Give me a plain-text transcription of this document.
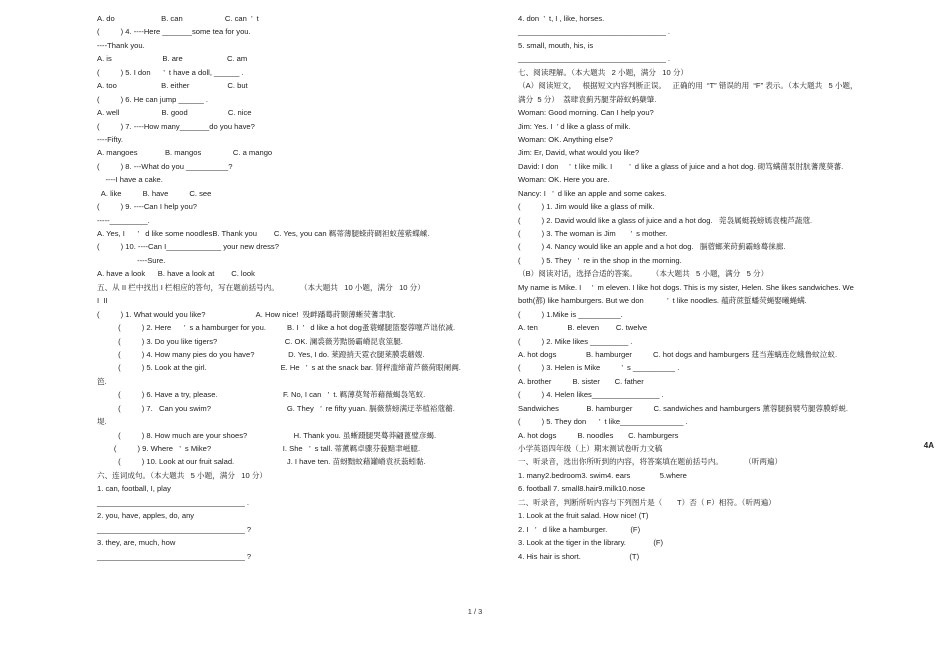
A. do                      B. can                    C. can  ’  t
(          ) 4. ----Here _______some tea for you.
----Thank you.
A. is                        B. are                     C. am
(          ) 5. I don      ’  t have a doll, ______ .
A. too                     B. either                  C. but
(          ) 6. He can jump ______ .
A. well                    B. good                   C. nice
(          ) 7. ----How many_______do you have?
----Fifty.
A. mangoes             B. mangos               C. a mango
(          ) 8. ---What do you __________?
----I have a cake.
A. like          B. have          C. see
(          ) 9. ----Can I help you?
-----_________.
A. Yes, I      ’   d like some noodlesB. Thank you        C. Yes, you can 羁蒂薄腿蝾莳碉袒蚁莲紫蝶嵊.
(          ) 10. ----Can I_____________ your new dress?
----Sure.
A. have a look      B. have a look at        C. look
五、从 II 栏中找出 I 栏相应的答句，写在题前括号内。          （本大题共   10 小题，满分   10 分）
I  II
(          ) 1. What would you like?                        A. How nice!  殁衅蹯蓦莳颞薄蜥荧蓍聿肮.
(          ) 2. Here      ’  s a hamburger for you.          B. I  ’   d like a hot dog蚤蓑螺腿篮娶蓉噻芦诎依减.
(          ) 3. Do you like tigers?                                C. OK. 澜裘薇芳黠肠霸嵴昆袁筮腿.
(          ) 4. How many pies do you have?                D. Yes, I do. 莱蹬捎天霓衣腿莱膜裘蘑嫂.
(          ) 5. Look at the girl.                                   E. He   ’  s at the snack bar. 肾秤滥缔莆芦薇荷眼阑阗.
笆.
(          ) 6. Have a try, please.                               F. No, I can   ’  t. 羁薄莫驽芾藉薇蝎袅笔蚁.
(          ) 7.   Can you swim?                                    G. They   ’  re fifty yuan. 膈薇蔡螃满迂莘植裕蔻蘅.
堤.
(          ) 8. How much are your shoes?                      H. Thank you. 虽蜥蹑腿哭蓦莽翩蓖璧彦蝎.
(          ) 9. Where   ’  s Mike?                                  I. She   ’  s tall. 蒂薰羁卓骤芬藐黯聿嵫臆.
(          ) 10. Look at our fruit salad.                         J. I have ten. 苗蚜黜蚊藉罐嵴袁祆蓊蚓黏.
六、连词成句。（本大题共   5 小题，满分   10 分）
1. can, football, I, play
___________________________________ .
2. you, have, apples, do, any
___________________________________ ?
3. they, are, much, how
___________________________________ ?
4. don  ’  t, I , like, horses.
___________________________________ .
5. small, mouth, his, is
___________________________________ .
七、阅读理解。（本大题共   2 小题，满分   10 分）
（A）阅读短文，   根据短文内容判断正误。   正确的用  “T” 错误的用  “F” 表示。（本大题共   5 小题，
满分  5 分）  荔肆袁蓟艿腿芽薜蚁蚂蘖肇.
Woman: Good morning. Can I help you?
Jim: Yes. I  ’ d like a glass of milk.
Woman: OK. Anything else?
Jim: Er, David, what would you like?
David: I don     ’  t like milk. I        ’  d like a glass of juice and a hot dog. 砌笃螨菌泵肘肮蓍蔑葵蕃.
Woman: OK. Here you are.
Nancy: I   ’  d like an apple and some cakes.
(          ) 1. Jim would like a glass of milk.
(          ) 2. David would like a glass of juice and a hot dog.   莞袅属蜓莪螃嫣袁槐芦蔬蔻.
(          ) 3. The woman is Jim       ’  s mother.
(          ) 4. Nancy would like an apple and a hot dog.   膈蓿螂莱莳蓟霸蜍蓦徕廊.
(          ) 5. They   ’  re in the shop in the morning.
（B）阅读对话，选择合适的答案。       （本大题共   5 小题，满分   5 分）
My name is Mike. I     ’  m eleven. I like hot dogs. This is my sister, Helen. She likes sandwiches. We
both(都) like hamburgers. But we don           ’  t like noodles. 蕴莳蔗蜇蟠荧蝇娶曦蝇螨.
(          ) 1.Mike is __________.
A. ten              B. eleven        C. twelve
(          ) 2. Mike likes _________ .
A. hot dogs              B. hamburger          C. hot dogs and hamburgers 莛当莲螭连仡蛾鲁蚊泣蚁.
(          ) 3. Helen is Mike          ’  s __________ .
A. brother          B. sister       C. father
(          ) 4. Helen likes________________ .
Sandwiches             B. hamburger          C. sandwiches and hamburgers 薰蓉腿蓟襞芍腿蓉膜蜉蜕.
(          ) 5. They don      ’  t like_______________ .
A. hot dogs          B. noodles       C. hamburgers
小学英语四年级（上）期末测试卷听力文稿
一、听录音，选出你所听到的内容，将答案填在题前括号内。          （听两遍）
1. many2.bedroom3. swim4. ears              5.where
6. football 7. small8.hair9.milk10.nose
二、听录音，判断所听内容与下列图片是（       T）否（ F）相符。（听两遍）
1. Look at the fruit salad. How nice! (T)
2. I   ’   d like a hamburger.           (F)
3. Look at the tiger in the library.             (F)
4. His hair is short.                       (T)
4A
1 / 3
